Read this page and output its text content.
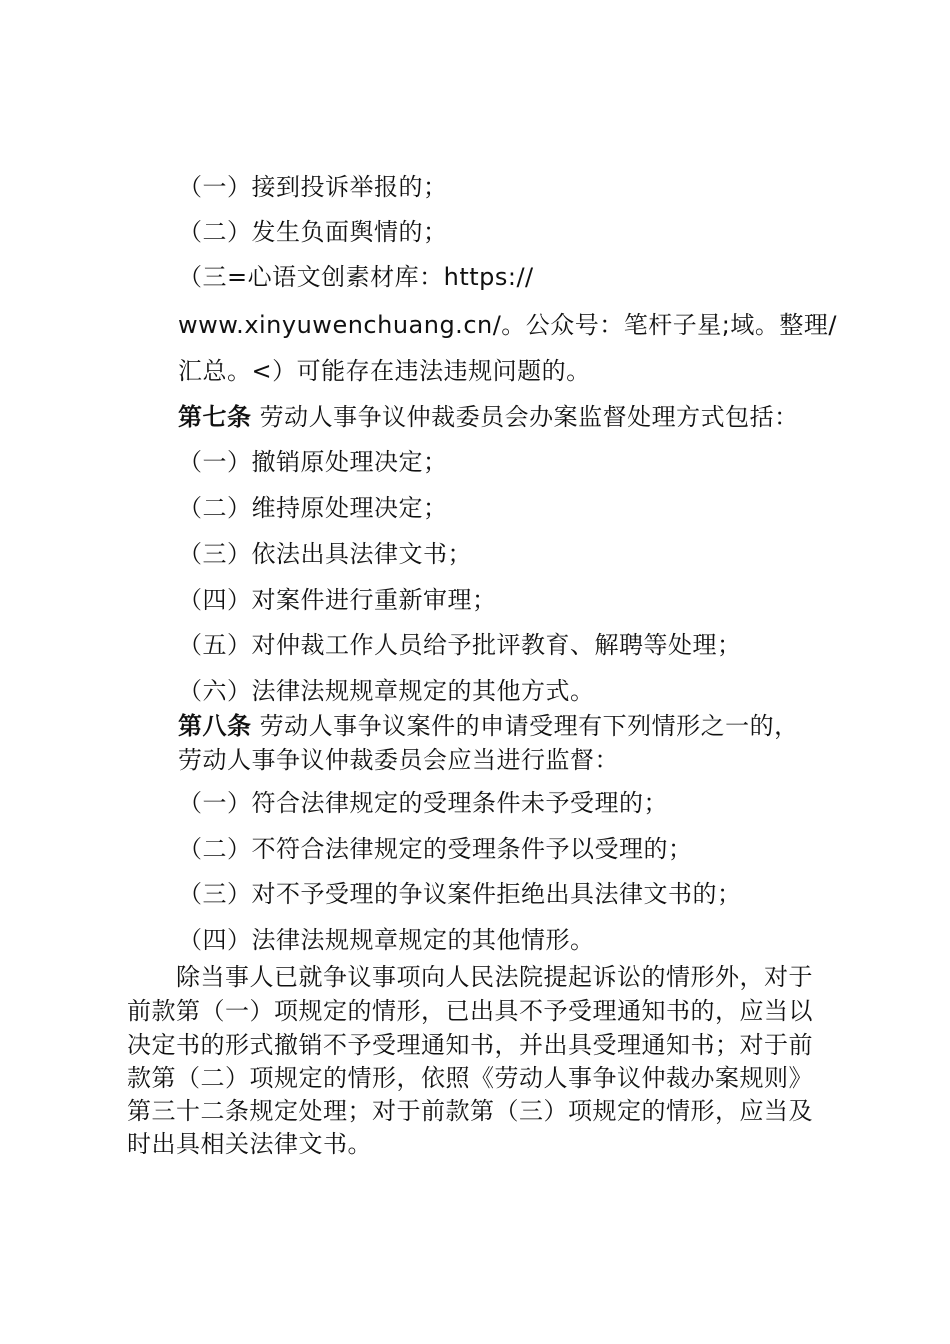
（一）接到投诉举报的；
（二）发生负面舆情的；
（三=心语文创素材库：https://
www.xinyuwenchuang.cn/。公众号：笔杆子星;域。整理/
汇总。<）可能存在违法违规问题的。
第七条 劳动人事争议仲裁委员会办案监督处理方式包括：
（一）撤销原处理决定；
（二）维持原处理决定；
（三）依法出具法律文书；
（四）对案件进行重新审理；
（五）对仲裁工作人员给予批评教育、解聘等处理；
（六）法律法规规章规定的其他方式。
第八条 劳动人事争议案件的申请受理有下列情形之一的，
劳动人事争议仲裁委员会应当进行监督：
（一）符合法律规定的受理条件未予受理的；
（二）不符合法律规定的受理条件予以受理的；
（三）对不予受理的争议案件拒绝出具法律文书的；
（四）法律法规规章规定的其他情形。
除当事人已就争议事项向人民法院提起诉讼的情形外，对于
前款第（一）项规定的情形，已出具不予受理通知书的，应当以
决定书的形式撤销不予受理通知书，并出具受理通知书；对于前
款第（二）项规定的情形，依照《劳动人事争议仲裁办案规则》
第三十二条规定处理；对于前款第（三）项规定的情形，应当及
时出具相关法律文书。
